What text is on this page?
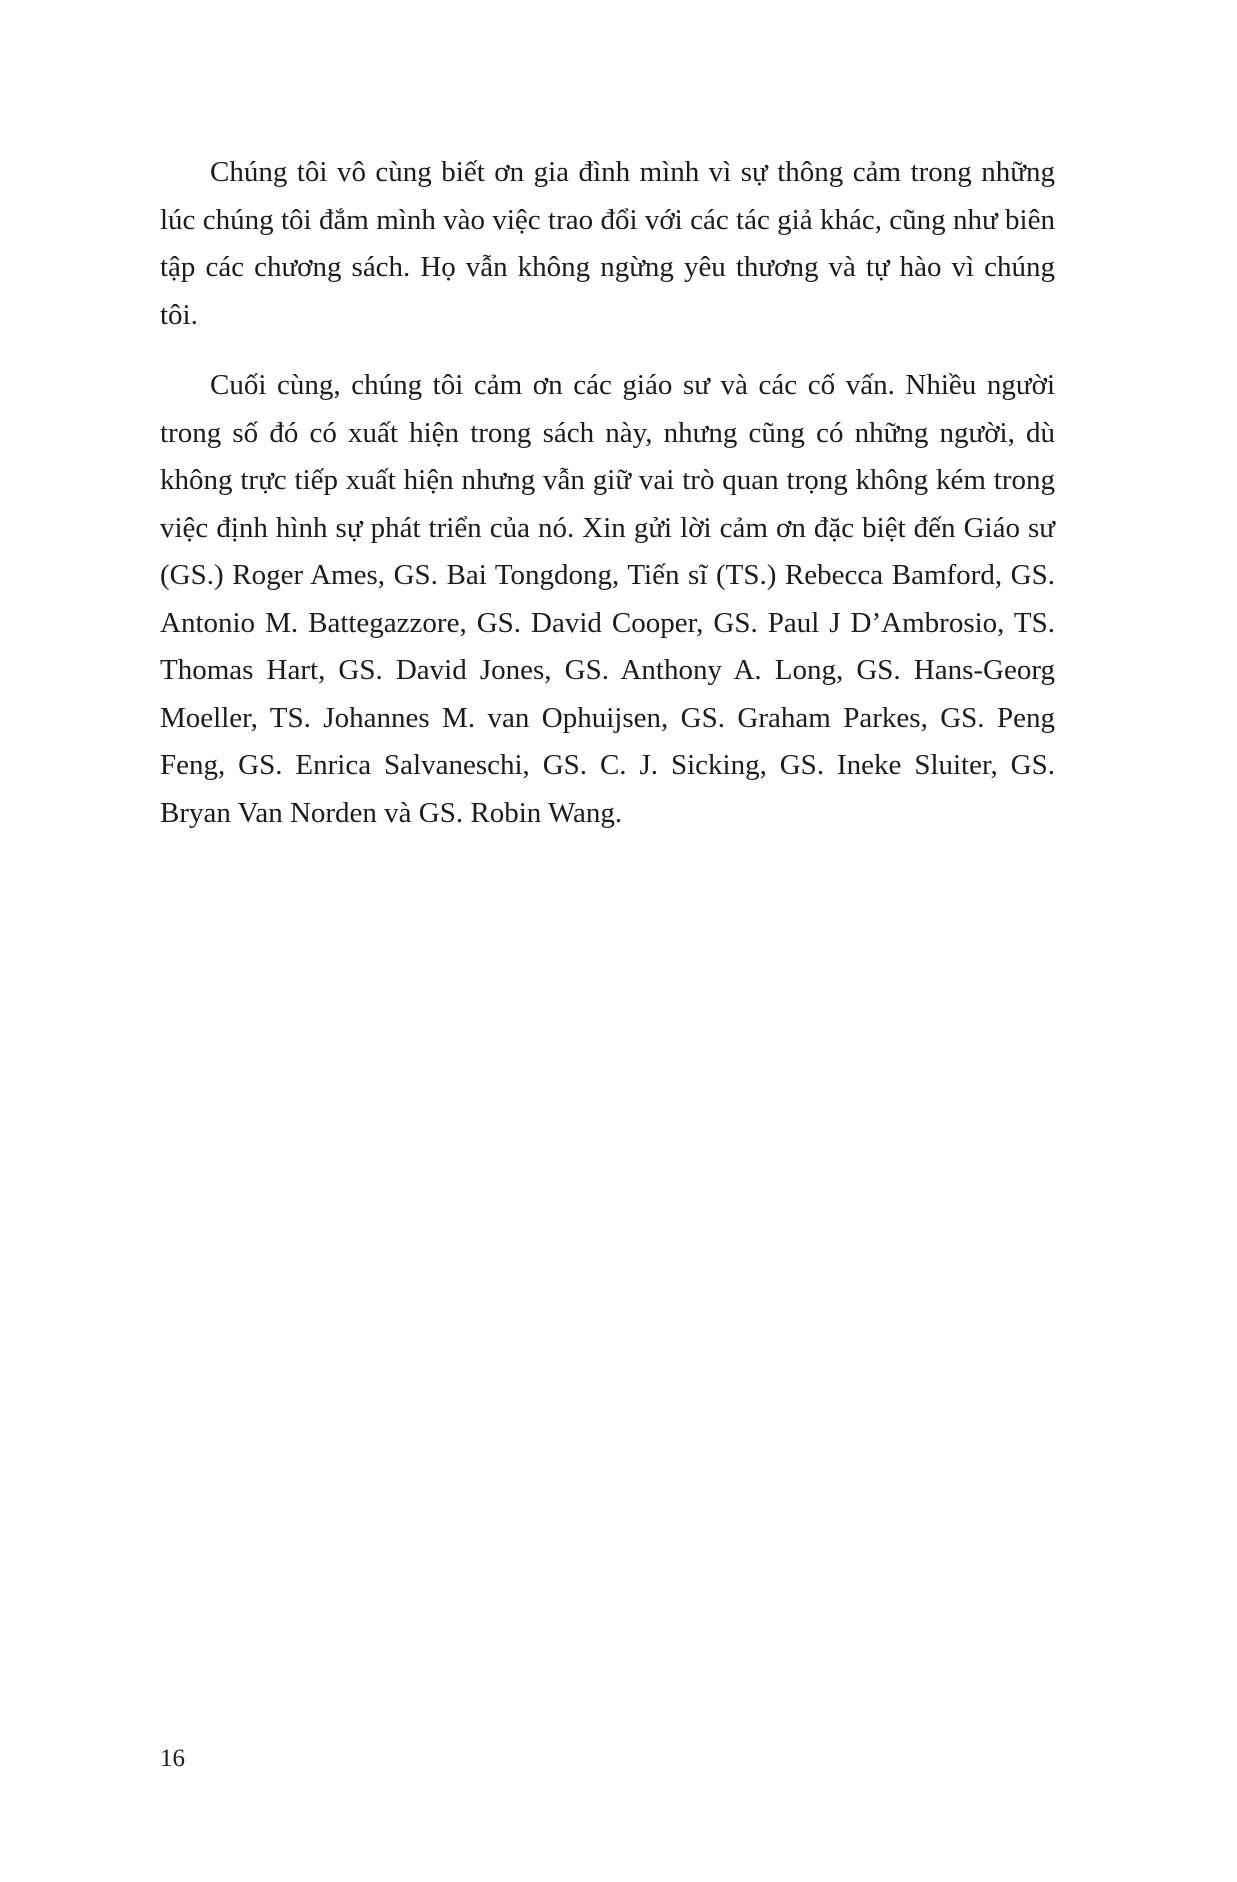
Chúng tôi vô cùng biết ơn gia đình mình vì sự thông cảm trong những lúc chúng tôi đắm mình vào việc trao đổi với các tác giả khác, cũng như biên tập các chương sách. Họ vẫn không ngừng yêu thương và tự hào vì chúng tôi.

Cuối cùng, chúng tôi cảm ơn các giáo sư và các cố vấn. Nhiều người trong số đó có xuất hiện trong sách này, nhưng cũng có những người, dù không trực tiếp xuất hiện nhưng vẫn giữ vai trò quan trọng không kém trong việc định hình sự phát triển của nó. Xin gửi lời cảm ơn đặc biệt đến Giáo sư (GS.) Roger Ames, GS. Bai Tongdong, Tiến sĩ (TS.) Rebecca Bamford, GS. Antonio M. Battegazzore, GS. David Cooper, GS. Paul J D’Ambrosio, TS. Thomas Hart, GS. David Jones, GS. Anthony A. Long, GS. Hans-Georg Moeller, TS. Johannes M. van Ophuijsen, GS. Graham Parkes, GS. Peng Feng, GS. Enrica Salvaneschi, GS. C. J. Sicking, GS. Ineke Sluiter, GS. Bryan Van Norden và GS. Robin Wang.

16
